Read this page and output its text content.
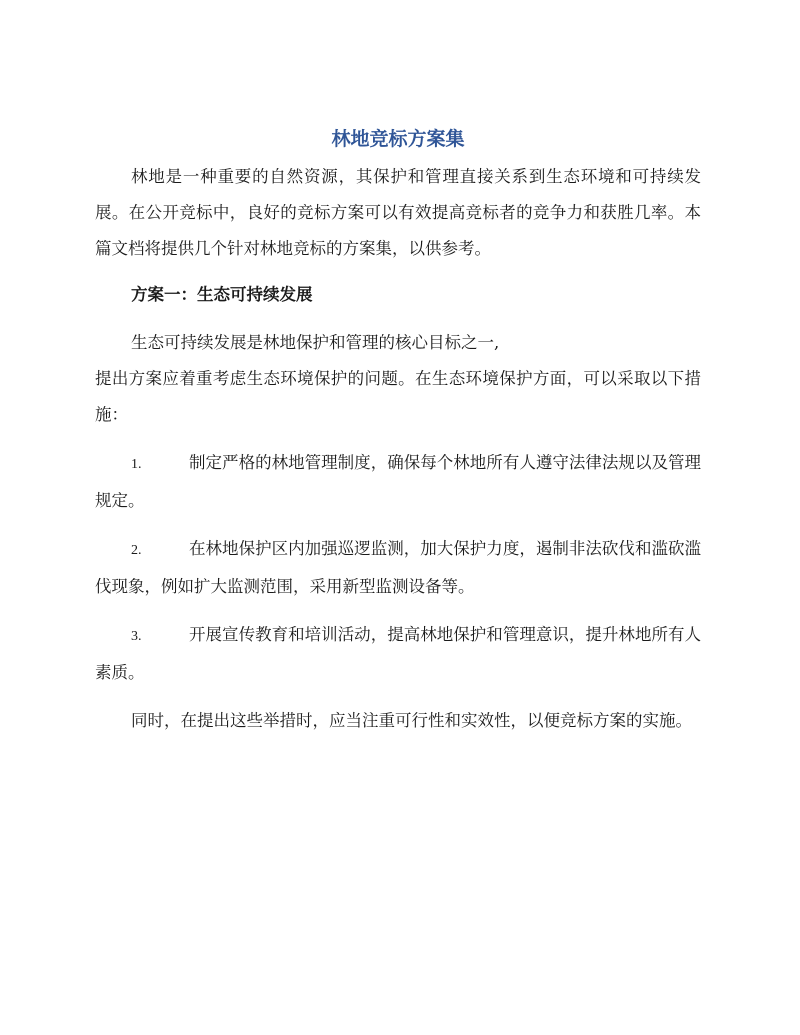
林地竞标方案集

林地是一种重要的自然资源，其保护和管理直接关系到生态环境和可持续发展。在公开竞标中，良好的竞标方案可以有效提高竞标者的竞争力和获胜几率。本篇文档将提供几个针对林地竞标的方案集，以供参考。

方案一：生态可持续发展

生态可持续发展是林地保护和管理的核心目标之一,

提出方案应着重考虑生态环境保护的问题。在生态环境保护方面，可以采取以下措施：

1.	制定严格的林地管理制度，确保每个林地所有人遵守法律法规以及管理规定。
2.	在林地保护区内加强巡逻监测，加大保护力度，遏制非法砍伐和滥砍滥伐现象，例如扩大监测范围，采用新型监测设备等。
3.	开展宣传教育和培训活动，提高林地保护和管理意识，提升林地所有人素质。

同时，在提出这些举措时，应当注重可行性和实效性，以便竞标方案的实施。
